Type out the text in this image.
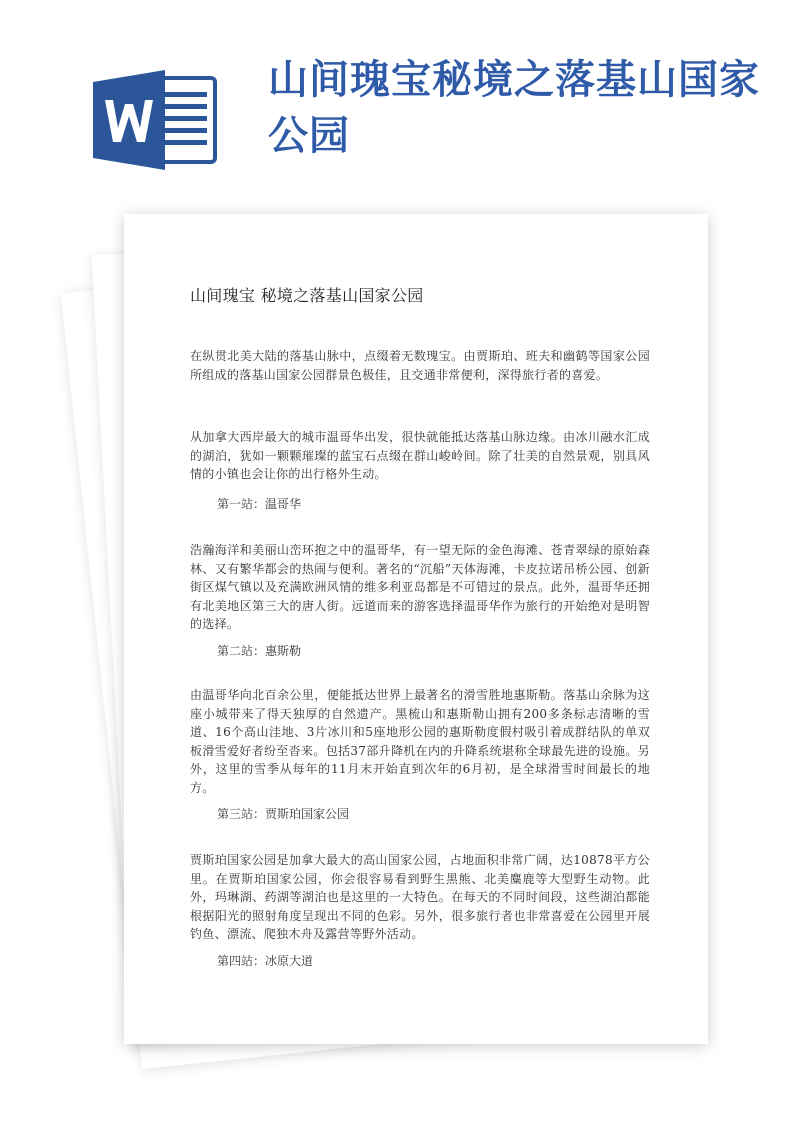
山间瑰宝秘境之落基山国家公园
山间瑰宝 秘境之落基山国家公园

在纵贯北美大陆的落基山脉中，点缀着无数瑰宝。由贾斯珀、班夫和幽鹤等国家公园所组成的落基山国家公园群景色极佳，且交通非常便利，深得旅行者的喜爱。

从加拿大西岸最大的城市温哥华出发，很快就能抵达落基山脉边缘。由冰川融水汇成的湖泊，犹如一颗颗璀璨的蓝宝石点缀在群山峻岭间。除了壮美的自然景观，别具风情的小镇也会让你的出行格外生动。

第一站：温哥华

浩瀚海洋和美丽山峦环抱之中的温哥华，有一望无际的金色海滩、苍青翠绿的原始森林、又有繁华都会的热闹与便利。著名的“沉船”天体海滩，卡皮拉诺吊桥公园、创新街区煤气镇以及充满欧洲风情的维多利亚岛都是不可错过的景点。此外，温哥华还拥有北美地区第三大的唐人街。远道而来的游客选择温哥华作为旅行的开始绝对是明智的选择。

第二站：惠斯勒

由温哥华向北百余公里，便能抵达世界上最著名的滑雪胜地惠斯勒。落基山余脉为这座小城带来了得天独厚的自然遗产。黑梳山和惠斯勒山拥有200多条标志清晰的雪道、16个高山洼地、3片冰川和5座地形公园的惠斯勒度假村吸引着成群结队的单双板滑雪爱好者纷至沓来。包括37部升降机在内的升降系统堪称全球最先进的设施。另外，这里的雪季从每年的11月末开始直到次年的6月初，是全球滑雪时间最长的地方。

第三站：贾斯珀国家公园

贾斯珀国家公园是加拿大最大的高山国家公园，占地面积非常广阔，达10878平方公里。在贾斯珀国家公园，你会很容易看到野生黑熊、北美麋鹿等大型野生动物。此外，玛琳湖、药湖等湖泊也是这里的一大特色。在每天的不同时间段，这些湖泊都能根据阳光的照射角度呈现出不同的色彩。另外，很多旅行者也非常喜爱在公园里开展钓鱼、漂流、爬独木舟及露营等野外活动。

第四站：冰原大道
